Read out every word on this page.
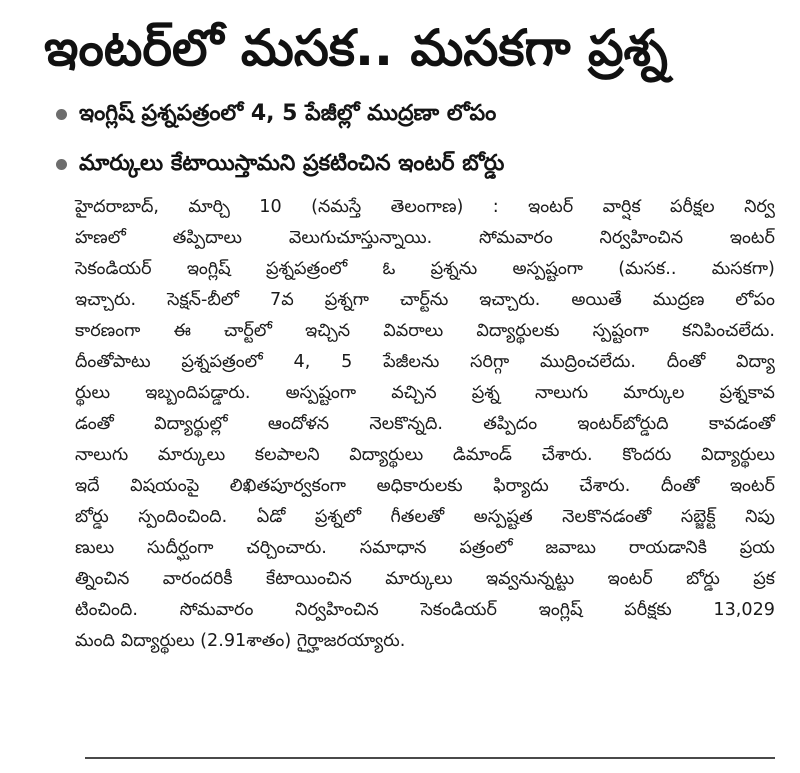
ఇంటర్‌లో మసక.. మసకగా ప్రశ్న
ఇంగ్లిష్ ప్రశ్నపత్రంలో 4, 5 పేజీల్లో ముద్రణా లోపం
మార్కులు కేటాయిస్తామని ప్రకటించిన ఇంటర్ బోర్డు
హైదరాబాద్, మార్చి 10 (నమస్తే తెలంగాణ) : ఇంటర్ వార్షిక పరీక్షల నిర్వ
హణలో	తప్పిదాలు	వెలుగుచూస్తున్నాయి.	సోమవారం	నిర్వహించిన	ఇంటర్
సెకండియర్ ఇంగ్లిష్ ప్రశ్నపత్రంలో ఓ ప్రశ్నను అస్పష్టంగా (మసక.. మసకగా)
ఇచ్చారు. సెక్షన్-బీలో 7వ ప్రశ్నగా చార్ట్‌ను ఇచ్చారు. అయితే ముద్రణ లోపం
కారణంగా ఈ చార్ట్‌లో ఇచ్చిన వివరాలు విద్యార్థులకు స్పష్టంగా కనిపించలేదు.
దీంతోపాటు ప్రశ్నపత్రంలో 4, 5 పేజీలను సరిగ్గా ముద్రించలేదు. దీంతో విద్యా
ర్థులు ఇబ్బందిపడ్డారు. అస్పష్టంగా వచ్చిన ప్రశ్న నాలుగు మార్కుల ప్రశ్నకావ
డంతో విద్యార్థుల్లో ఆందోళన నెలకొన్నది. తప్పిదం ఇంటర్‌బోర్డుది కావడంతో
నాలుగు మార్కులు కలపాలని విద్యార్థులు డిమాండ్ చేశారు. కొందరు విద్యార్థులు
ఇదే విషయంపై లిఖితపూర్వకంగా అధికారులకు ఫిర్యాదు చేశారు. దీంతో ఇంటర్
బోర్డు స్పందించింది. ఏడో ప్రశ్నలో గీతలతో అస్పష్టత నెలకొనడంతో సబ్జెక్ట్ నిపు
ణులు సుదీర్ఘంగా చర్చించారు. సమాధాన పత్రంలో జవాబు రాయడానికి ప్రయ
త్నించిన వారందరికీ కేటాయించిన మార్కులు ఇవ్వనున్నట్టు ఇంటర్ బోర్డు ప్రక
టించింది. సోమవారం నిర్వహించిన సెకండియర్ ఇంగ్లిష్ పరీక్షకు 13,029
మంది విద్యార్థులు (2.91శాతం) గైర్హాజరయ్యారు.
